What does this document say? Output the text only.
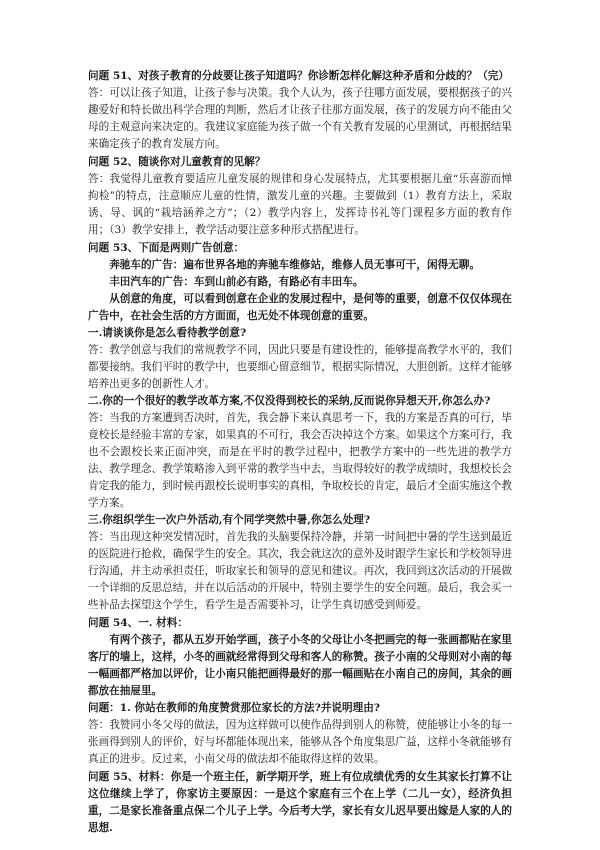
问题 51、对孩子教育的分歧要让孩子知道吗？你诊断怎样化解这种矛盾和分歧的？（完）

答：可以让孩子知道，让孩子参与决策。我个人认为，孩子往哪方面发展，要根据孩子的兴趣爱好和特长做出科学合理的判断，然后才让孩子往那方面发展，孩子的发展方向不能由父母的主观意向来决定的。我建议家庭能为孩子做一个有关教育发展的心里测试，再根据结果来确定孩子的教育发展方向。

问题 52、随谈你对儿童教育的见解？

答：我觉得儿童教育要适应儿童发展的规律和身心发展特点，尤其要根据儿童“乐喜游而惮拘检”的特点，注意顺应儿童的性情，激发儿童的兴趣。主要做到（1）教育方法上，采取诱、导、讽的“栽培涵养之方”；（2）教学内容上，发挥诗书礼等门课程多方面的教育作用；（3）教学安排上，教学活动要注意多种形式搭配进行。

问题 53、下面是两则广告创意：

奔驰车的广告：遍布世界各地的奔驰车维修站，维修人员无事可干，闲得无聊。

丰田汽车的广告：车到山前必有路，有路必有丰田车。

从创意的角度，可以看到创意在企业的发展过程中，是何等的重要，创意不仅仅体现在广告中，在社会生活的方方面面，也无处不体现创意的重要。

一.请谈谈你是怎么看待教学创意?

答：教学创意与我们的常规教学不同，因此只要是有建设性的，能够提高教学水平的，我们都要接纳。我们平时的教学中，也要细心留意细节，根据实际情况，大胆创新。这样才能够培养出更多的创新性人才。

二.你的一个很好的教学改革方案,不仅没得到校长的采纳,反而说你异想天开,你怎么办?

答：当我的方案遭到否决时，首先，我会静下来认真思考一下，我的方案是否真的可行，毕竟校长是经验丰富的专家，如果真的不可行，我会否决掉这个方案。如果这个方案可行，我也不会跟校长来正面冲突，而是在平时的教学过程中，把教学方案中的一些先进的教学方法、教学理念、教学策略渗入到平常的教学当中去，当取得较好的教学成绩时，我想校长会肯定我的能力，到时候再跟校长说明事实的真相，争取校长的肯定，最后才全面实施这个教学方案。

三.你组织学生一次户外活动,有个同学突然中暑,你怎么处理?

答：当出现这种突发情况时，首先我的头脑要保持冷静，并第一时间把中暑的学生送到最近的医院进行抢救，确保学生的安全。其次，我会就这次的意外及时跟学生家长和学校领导进行沟通，并主动承担责任，听取家长和领导的意见和建议。再次，我回到这次活动的开展做一个详细的反思总结，并在以后活动的开展中，特别主要学生的安全问题。最后，我会买一些补品去探望这个学生，看学生是否需要补习，让学生真切感受到师爱。

问题 54、一. 材料：

有两个孩子，都从五岁开始学画，孩子小冬的父母让小冬把画完的每一张画都贴在家里客厅的墙上，这样，小冬的画就经常得到父母和客人的称赞。孩子小南的父母则对小南的每一幅画都严格加以评价，让小南只能把画得最好的那一幅画贴在小南自己的房间，其余的画都放在抽屉里。

问题：1. 你站在教师的角度赞赏那位家长的方法?并说明理由?

答：我赞同小冬父母的做法，因为这样做可以使作品得到别人的称赞，使能够让小冬的每一张画得到别人的评价，好与坏都能体现出来，能够从各个角度集思广益，这样小冬就能够有真正的进步。反过来，小南父母的做法却不能取得这样的效果。

问题 55、材料：你是一个班主任，新学期开学，班上有位成绩优秀的女生其家长打算不让这位继续上学了，你家访主要原因：一是这个家庭有三个在上学（二儿一女），经济负担重，二是家长准备重点保二个儿子上学。今后考大学，家长有女儿迟早要出嫁是人家的人的思想.
